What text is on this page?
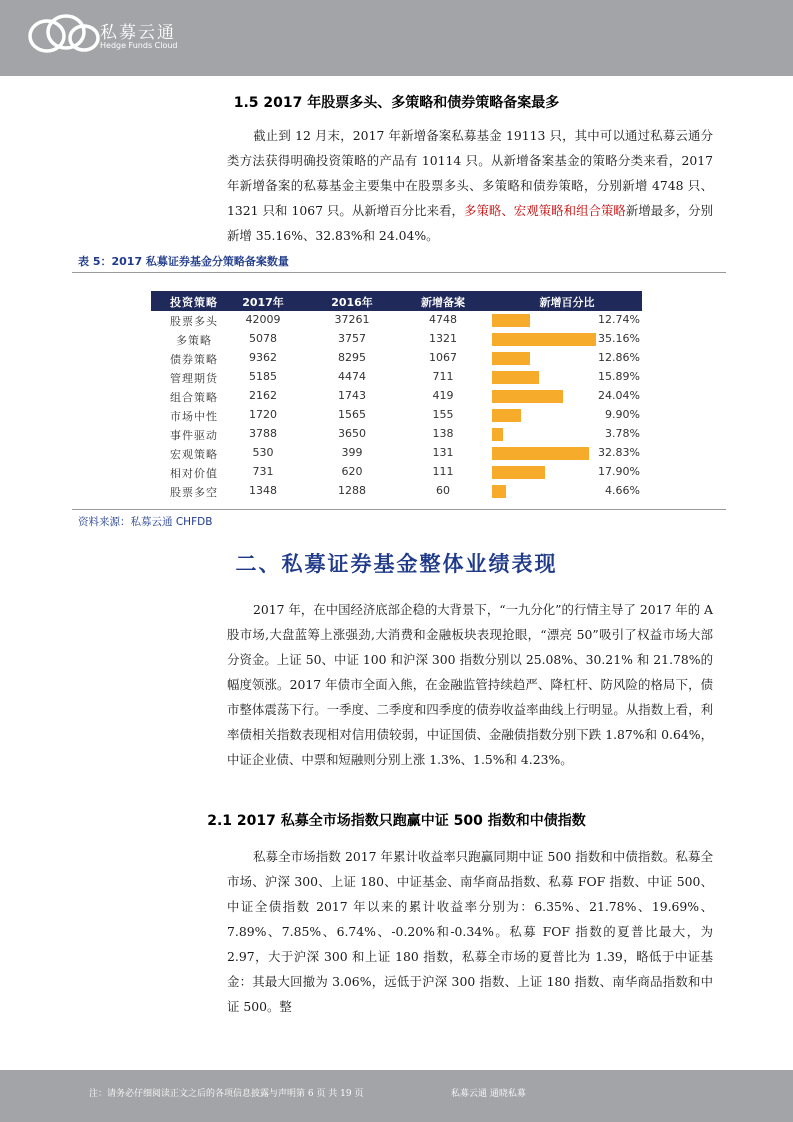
私募云通
Hedge Funds Cloud
1.5 2017 年股票多头、多策略和债券策略备案最多
截止到 12 月末，2017 年新增备案私募基金 19113 只，其中可以通过私募云通分类方法获得明确投资策略的产品有 10114 只。从新增备案基金的策略分类来看，2017 年新增备案的私募基金主要集中在股票多头、多策略和债券策略，分别新增 4748 只、1321 只和 1067 只。从新增百分比来看，多策略、宏观策略和组合策略新增最多，分别新增 35.16%、32.83%和 24.04%。
表 5：2017 私募证券基金分策略备案数量
投资策略	2017年	2016年	新增备案	新增百分比
股票多头	42009	37261	4748	12.74%
多策略	5078	3757	1321	35.16%
债券策略	9362	8295	1067	12.86%
管理期货	5185	4474	711	15.89%
组合策略	2162	1743	419	24.04%
市场中性	1720	1565	155	9.90%
事件驱动	3788	3650	138	3.78%
宏观策略	530	399	131	32.83%
相对价值	731	620	111	17.90%
股票多空	1348	1288	60	4.66%
资料来源：私募云通 CHFDB
二、私募证券基金整体业绩表现
2017 年，在中国经济底部企稳的大背景下，“一九分化”的行情主导了 2017 年的 A 股市场,大盘蓝筹上涨强劲,大消费和金融板块表现抢眼，“漂亮 50”吸引了权益市场大部分资金。上证 50、中证 100 和沪深 300 指数分别以 25.08%、30.21% 和 21.78%的幅度领涨。2017 年债市全面入熊，在金融监管持续趋严、降杠杆、防风险的格局下，债市整体震荡下行。一季度、二季度和四季度的债券收益率曲线上行明显。从指数上看，利率债相关指数表现相对信用债较弱，中证国债、金融债指数分别下跌 1.87%和 0.64%，中证企业债、中票和短融则分别上涨 1.3%、1.5%和 4.23%。
2.1 2017 私募全市场指数只跑赢中证 500 指数和中债指数
私募全市场指数 2017 年累计收益率只跑赢同期中证 500 指数和中债指数。私募全市场、沪深 300、上证 180、中证基金、南华商品指数、私募 FOF 指数、中证 500、中证全债指数 2017 年以来的累计收益率分别为：6.35%、21.78%、19.69%、7.89%、7.85%、6.74%、-0.20%和-0.34%。私募 FOF 指数的夏普比最大，为 2.97，大于沪深 300 和上证 180 指数，私募全市场的夏普比为 1.39，略低于中证基金：其最大回撤为 3.06%，远低于沪深 300 指数、上证 180 指数、南华商品指数和中证 500。整
注：请务必仔细阅读正文之后的各项信息披露与声明第 6 页 共 19 页	私募云通 通晓私募
